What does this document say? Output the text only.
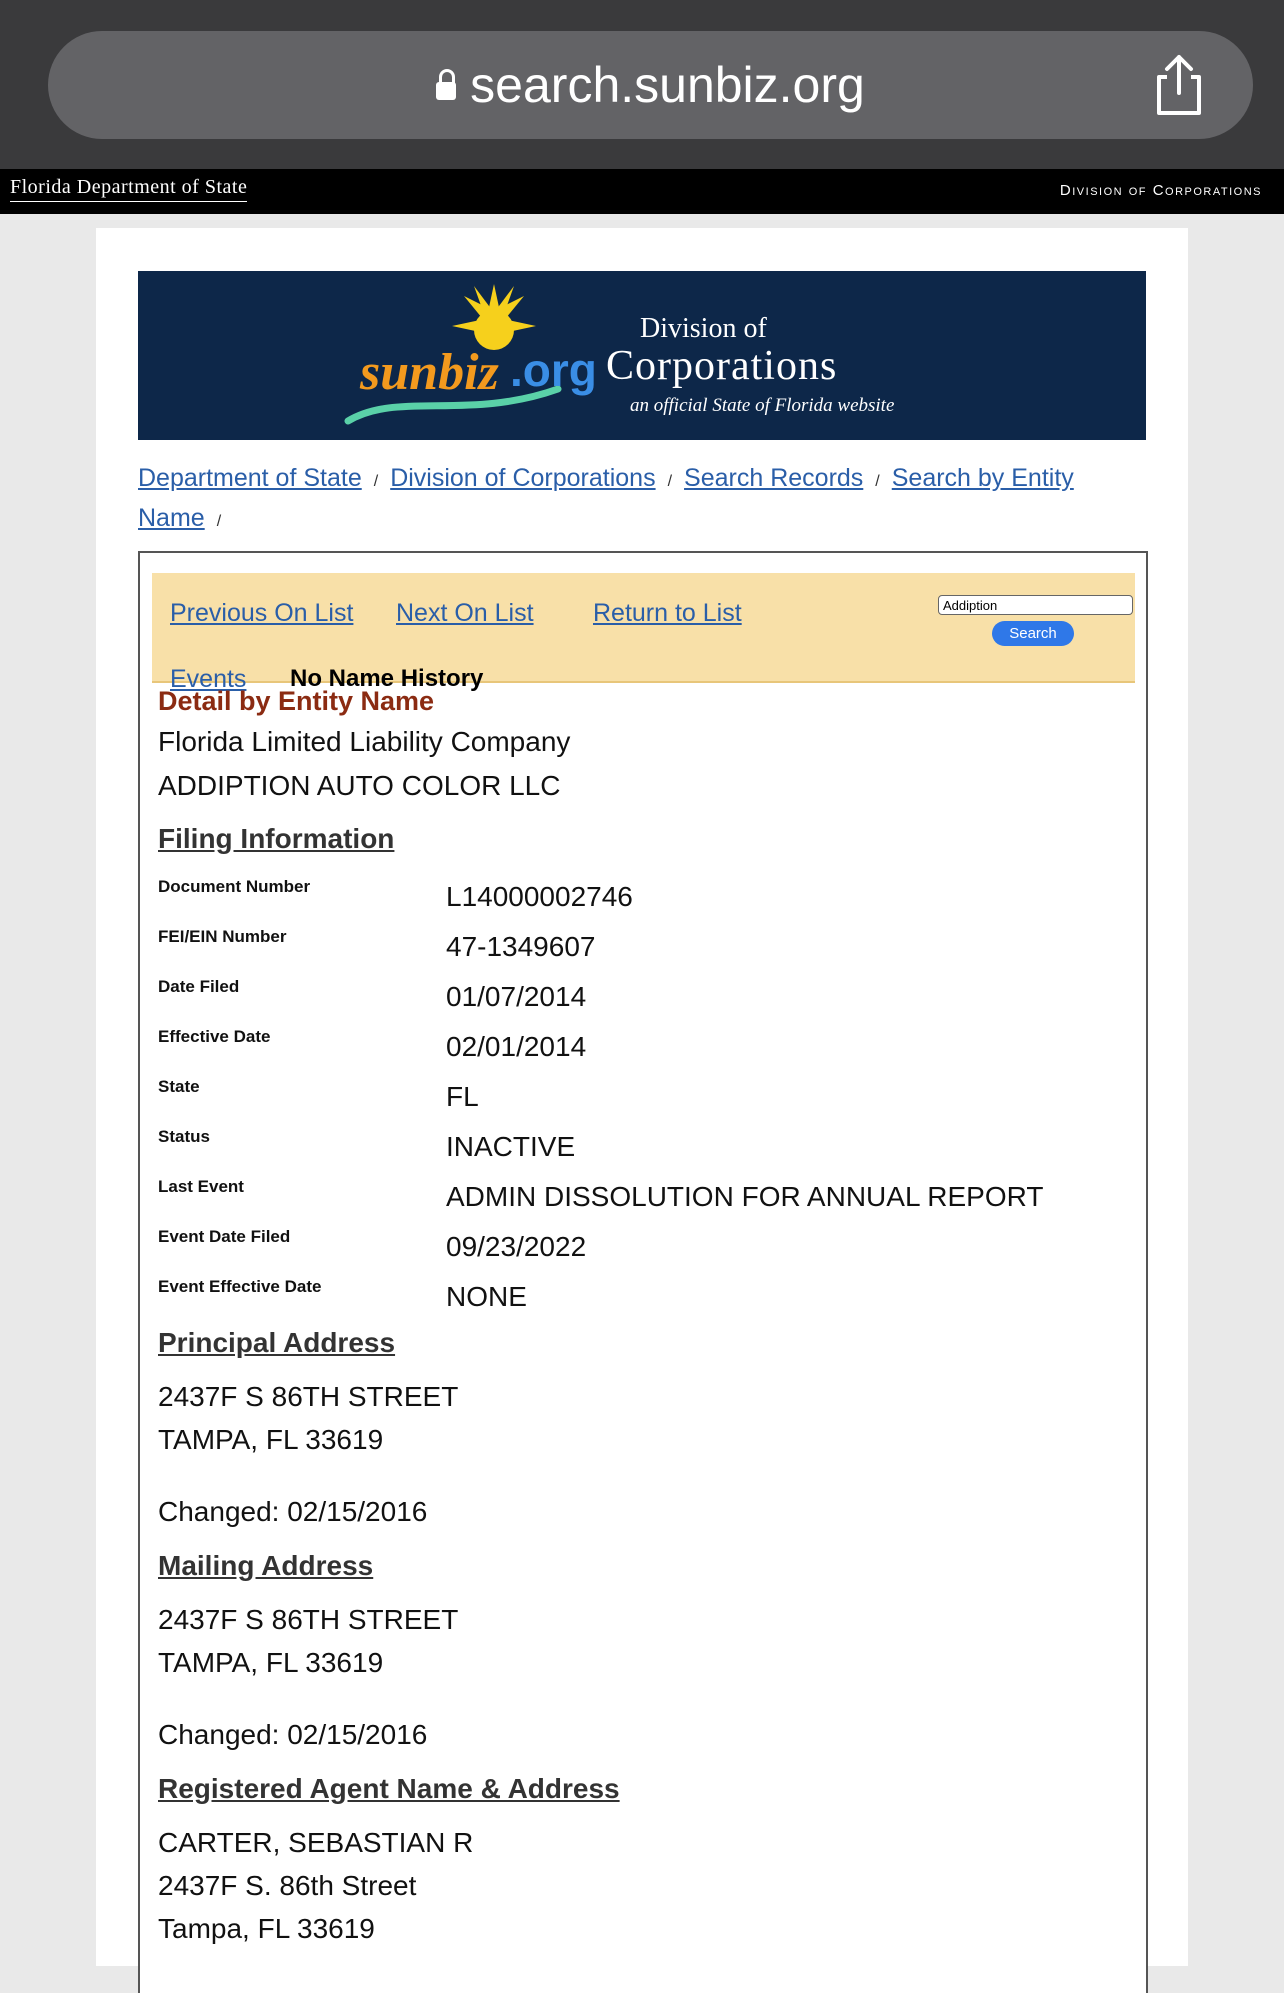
search.sunbiz.org
Florida Department of State	Division of Corporations
sunbiz .org
Division of
Corporations
an official State of Florida website
Department of State / Division of Corporations / Search Records / Search by Entity
Name /
Previous On List Next On List Return to List
Addiption
Search
Events No Name History
Detail by Entity Name
Florida Limited Liability Company
ADDIPTION AUTO COLOR LLC
Filing Information
Document Number	L14000002746
FEI/EIN Number	47-1349607
Date Filed	01/07/2014
Effective Date	02/01/2014
State	FL
Status	INACTIVE
Last Event	ADMIN DISSOLUTION FOR ANNUAL REPORT
Event Date Filed	09/23/2022
Event Effective Date	NONE
Principal Address
2437F S 86TH STREET
TAMPA, FL 33619
Changed: 02/15/2016
Mailing Address
2437F S 86TH STREET
TAMPA, FL 33619
Changed: 02/15/2016
Registered Agent Name & Address
CARTER, SEBASTIAN R
2437F S. 86th Street
Tampa, FL 33619
